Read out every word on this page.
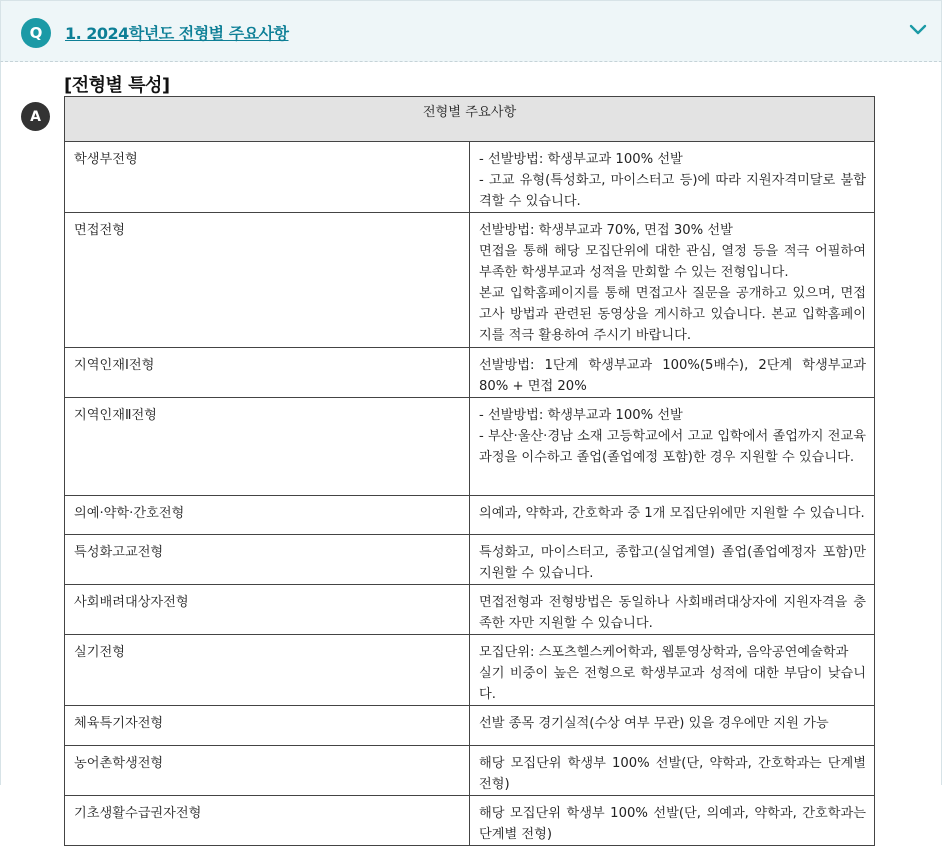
Q	1. 2024학년도 전형별 주요사항
[전형별 특성]
A	전형별 주요사항	
학생부전형	- 선발방법: 학생부교과 100% 선발
- 고교 유형(특성화고, 마이스터고 등)에 따라 지원자격미달로 불합격할 수 있습니다.

면접전형	선발방법: 학생부교과 70%, 면접 30% 선발
면접을 통해 해당 모집단위에 대한 관심, 열정 등을 적극 어필하여 부족한 학생부교과 성적을 만회할 수 있는 전형입니다.
본교 입학홈페이지를 통해 면접고사 질문을 공개하고 있으며, 면접고사 방법과 관련된 동영상을 게시하고 있습니다. 본교 입학홈페이지를 적극 활용하여 주시기 바랍니다.

지역인재Ⅰ전형	선발방법: 1단계 학생부교과 100%(5배수), 2단계 학생부교과 80% + 면접 20%

지역인재Ⅱ전형	- 선발방법: 학생부교과 100% 선발
- 부산·울산·경남 소재 고등학교에서 고교 입학에서 졸업까지 전교육과정을 이수하고 졸업(졸업예정 포함)한 경우 지원할 수 있습니다.

의예·약학·간호전형	의예과, 약학과, 간호학과 중 1개 모집단위에만 지원할 수 있습니다.

특성화고교전형	특성화고, 마이스터고, 종합고(실업계열) 졸업(졸업예정자 포함)만 지원할 수 있습니다.

사회배려대상자전형	면접전형과 전형방법은 동일하나 사회배려대상자에 지원자격을 충족한 자만 지원할 수 있습니다.

실기전형	모집단위: 스포츠헬스케어학과, 웹툰영상학과, 음악공연예술학과
실기 비중이 높은 전형으로 학생부교과 성적에 대한 부담이 낮습니다.

체육특기자전형	선발 종목 경기실적(수상 여부 무관) 있을 경우에만 지원 가능

농어촌학생전형	해당 모집단위 학생부 100% 선발(단, 약학과, 간호학과는 단계별 전형)

기초생활수급권자전형	해당 모집단위 학생부 100% 선발(단, 의예과, 약학과, 간호학과는 단계별 전형)
